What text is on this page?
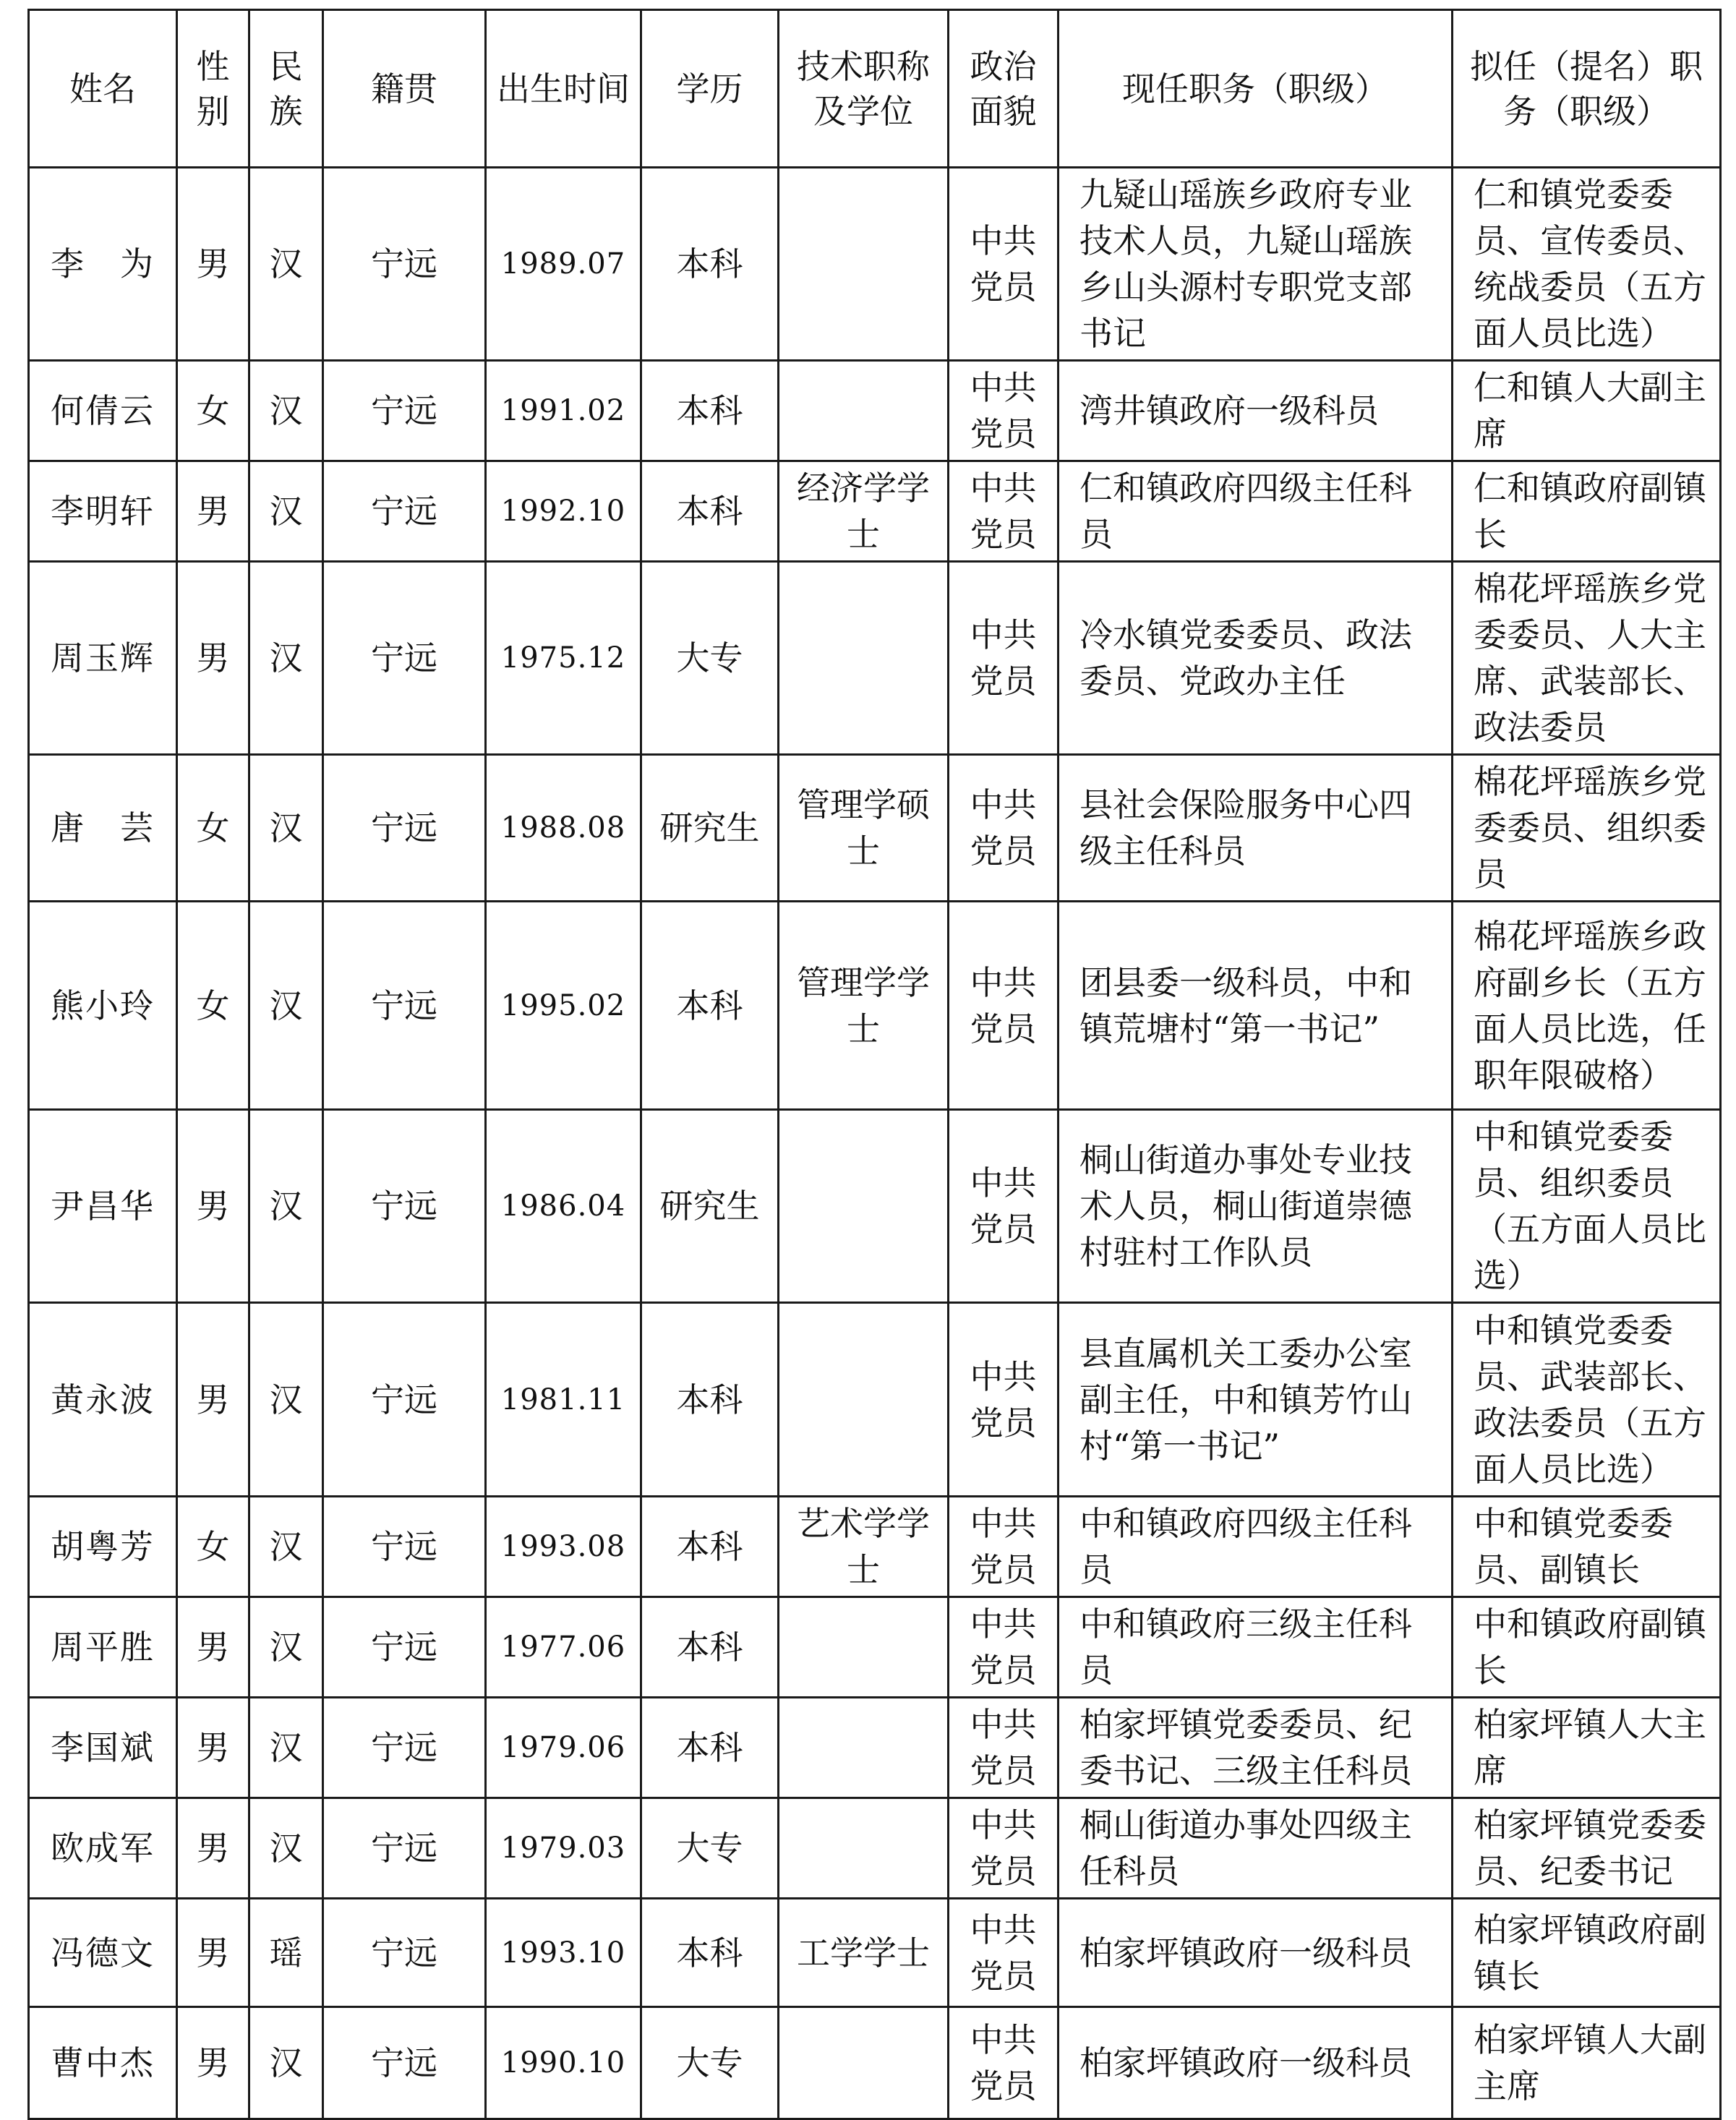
姓名	性别	民族	籍贯	出生时间	学历	技术职称及学位	政治面貌	现任职务（职级）	拟任（提名）职务（职级）
李　为	男	汉	宁远	1989.07	本科		中共党员	九疑山瑶族乡政府专业技术人员，九疑山瑶族乡山头源村专职党支部书记	仁和镇党委委员、宣传委员、统战委员（五方面人员比选）
何倩云	女	汉	宁远	1991.02	本科		中共党员	湾井镇政府一级科员	仁和镇人大副主席
李明轩	男	汉	宁远	1992.10	本科	经济学学士	中共党员	仁和镇政府四级主任科员	仁和镇政府副镇长
周玉辉	男	汉	宁远	1975.12	大专		中共党员	冷水镇党委委员、政法委员、党政办主任	棉花坪瑶族乡党委委员、人大主席、武装部长、政法委员
唐　芸	女	汉	宁远	1988.08	研究生	管理学硕士	中共党员	县社会保险服务中心四级主任科员	棉花坪瑶族乡党委委员、组织委员
熊小玲	女	汉	宁远	1995.02	本科	管理学学士	中共党员	团县委一级科员，中和镇荒塘村“第一书记”	棉花坪瑶族乡政府副乡长（五方面人员比选，任职年限破格）
尹昌华	男	汉	宁远	1986.04	研究生		中共党员	桐山街道办事处专业技术人员，桐山街道崇德村驻村工作队员	中和镇党委委员、组织委员（五方面人员比选）
黄永波	男	汉	宁远	1981.11	本科		中共党员	县直属机关工委办公室副主任，中和镇芳竹山村“第一书记”	中和镇党委委员、武装部长、政法委员（五方面人员比选）
胡粤芳	女	汉	宁远	1993.08	本科	艺术学学士	中共党员	中和镇政府四级主任科员	中和镇党委委员、副镇长
周平胜	男	汉	宁远	1977.06	本科		中共党员	中和镇政府三级主任科员	中和镇政府副镇长
李国斌	男	汉	宁远	1979.06	本科		中共党员	柏家坪镇党委委员、纪委书记、三级主任科员	柏家坪镇人大主席
欧成军	男	汉	宁远	1979.03	大专		中共党员	桐山街道办事处四级主任科员	柏家坪镇党委委员、纪委书记
冯德文	男	瑶	宁远	1993.10	本科	工学学士	中共党员	柏家坪镇政府一级科员	柏家坪镇政府副镇长
曹中杰	男	汉	宁远	1990.10	大专		中共党员	柏家坪镇政府一级科员	柏家坪镇人大副主席
